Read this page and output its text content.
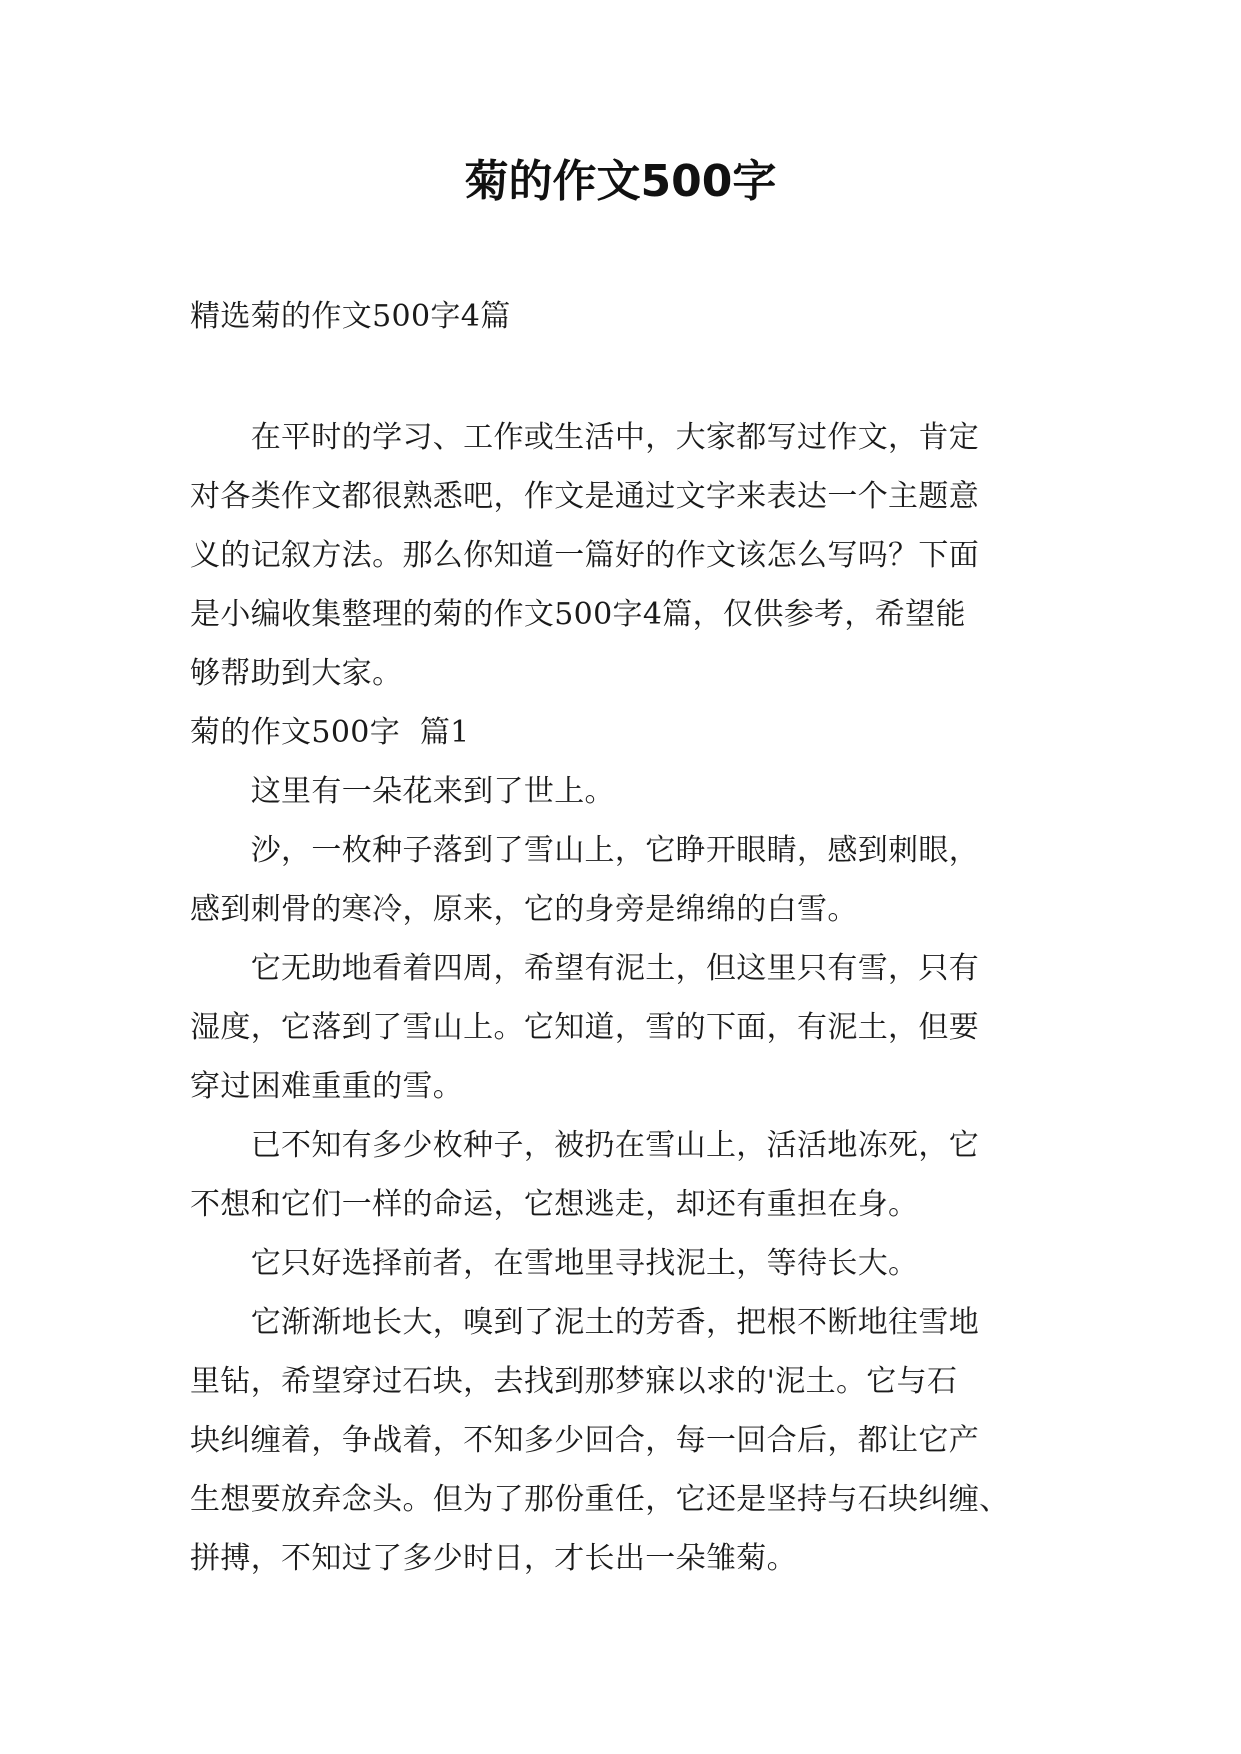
菊的作文500字

精选菊的作文500字4篇

　　在平时的学习、工作或生活中，大家都写过作文，肯定

对各类作文都很熟悉吧，作文是通过文字来表达一个主题意

义的记叙方法。那么你知道一篇好的作文该怎么写吗？下面

是小编收集整理的菊的作文500字4篇，仅供参考，希望能

够帮助到大家。

菊的作文500字  篇1

　　这里有一朵花来到了世上。

　　沙，一枚种子落到了雪山上，它睁开眼睛，感到刺眼，

感到刺骨的寒冷，原来，它的身旁是绵绵的白雪。

　　它无助地看着四周，希望有泥土，但这里只有雪，只有

湿度，它落到了雪山上。它知道，雪的下面，有泥土，但要

穿过困难重重的雪。

　　已不知有多少枚种子，被扔在雪山上，活活地冻死，它

不想和它们一样的命运，它想逃走，却还有重担在身。

　　它只好选择前者，在雪地里寻找泥土，等待长大。

　　它渐渐地长大，嗅到了泥土的芳香，把根不断地往雪地

里钻，希望穿过石块，去找到那梦寐以求的'泥土。它与石

块纠缠着，争战着，不知多少回合，每一回合后，都让它产

生想要放弃念头。但为了那份重任，它还是坚持与石块纠缠、

拼搏，不知过了多少时日，才长出一朵雏菊。
